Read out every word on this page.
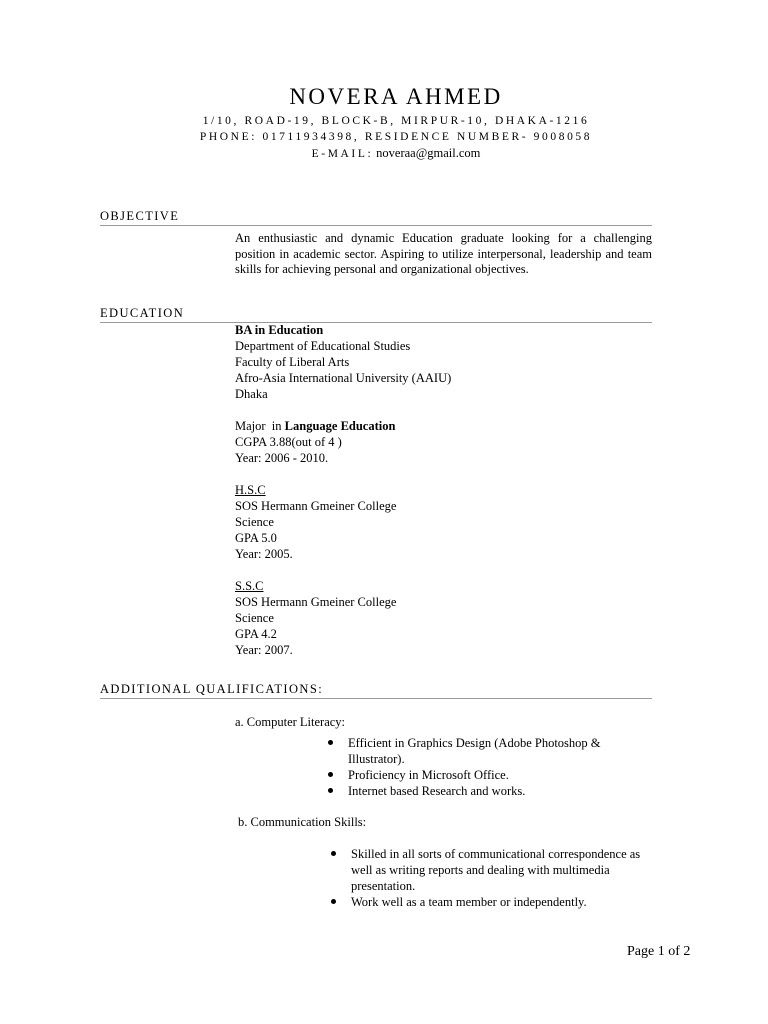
NOVERA AHMED
1/10, ROAD-19, BLOCK-B, MIRPUR-10, DHAKA-1216
PHONE: 01711934398, RESIDENCE NUMBER- 9008058
E-MAIL: noveraa@gmail.com
OBJECTIVE
An enthusiastic and dynamic Education graduate looking for a challenging position in academic sector. Aspiring to utilize interpersonal, leadership and team skills for achieving personal and organizational objectives.
EDUCATION
BA in Education
Department of Educational Studies
Faculty of Liberal Arts
Afro-Asia International University (AAIU)
Dhaka
Major  in Language Education
CGPA 3.88(out of 4 )
Year: 2006 - 2010.
H.S.C
SOS Hermann Gmeiner College
Science
GPA 5.0
Year: 2005.
S.S.C
SOS Hermann Gmeiner College
Science
GPA 4.2
Year: 2007.
ADDITIONAL QUALIFICATIONS:
a. Computer Literacy:
Efficient in Graphics Design (Adobe Photoshop & Illustrator).
Proficiency in Microsoft Office.
Internet based Research and works.
b. Communication Skills:
Skilled in all sorts of communicational correspondence as well as writing reports and dealing with multimedia presentation.
Work well as a team member or independently.
Page 1 of 2
